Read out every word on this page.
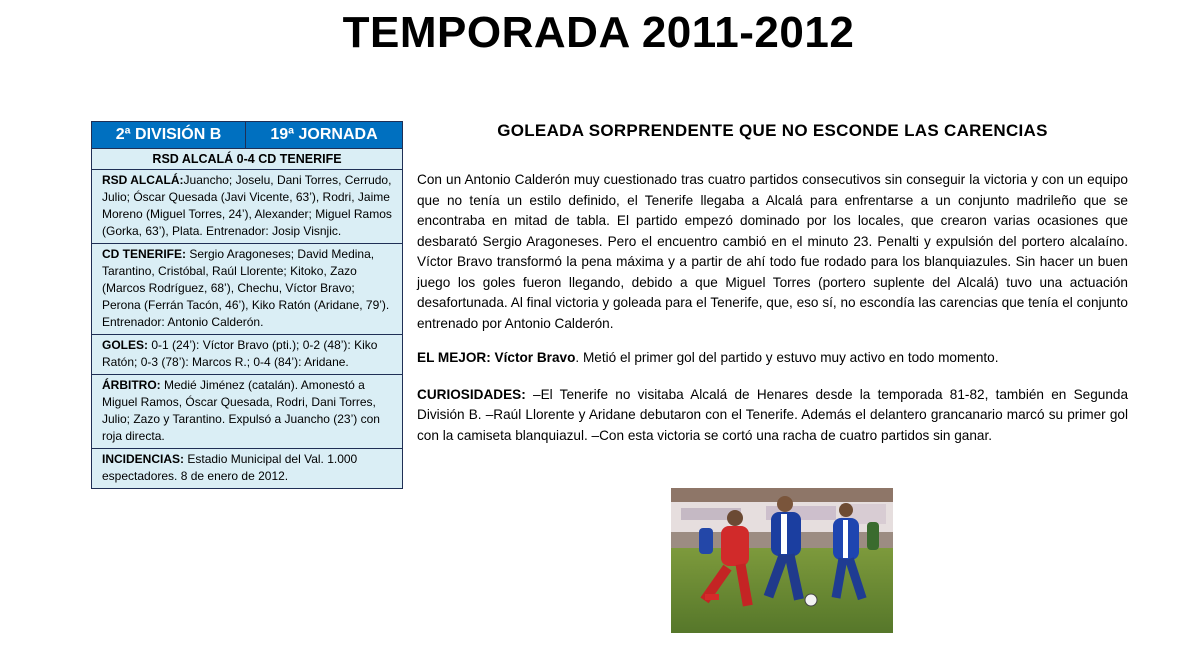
TEMPORADA 2011-2012
2ª DIVISIÓN B	19ª JORNADA
RSD ALCALÁ 0-4 CD TENERIFE
RSD ALCALÁ:Juancho; Joselu, Dani Torres, Cerrudo, Julio; Óscar Quesada (Javi Vicente, 63’), Rodri, Jaime Moreno (Miguel Torres, 24’), Alexander; Miguel Ramos (Gorka, 63’), Plata. Entrenador: Josip Visnjic.
CD TENERIFE: Sergio Aragoneses; David Medina, Tarantino, Cristóbal, Raúl Llorente; Kitoko, Zazo (Marcos Rodríguez, 68’), Chechu, Víctor Bravo; Perona (Ferrán Tacón, 46’), Kiko Ratón (Aridane, 79’). Entrenador: Antonio Calderón.
GOLES: 0-1 (24’): Víctor Bravo (pti.); 0-2 (48’): Kiko Ratón; 0-3 (78’): Marcos R.; 0-4 (84’): Aridane.
ÁRBITRO: Medié Jiménez (catalán). Amonestó a Miguel Ramos, Óscar Quesada, Rodri, Dani Torres, Julio; Zazo y Tarantino. Expulsó a Juancho (23’) con roja directa.
INCIDENCIAS: Estadio Municipal del Val. 1.000 espectadores. 8 de enero de 2012.
GOLEADA SORPRENDENTE QUE NO ESCONDE LAS CARENCIAS

Con un Antonio Calderón muy cuestionado tras cuatro partidos consecutivos sin conseguir la victoria y con un equipo que no tenía un estilo definido, el Tenerife llegaba a Alcalá para enfrentarse a un conjunto madrileño que se encontraba en mitad de tabla. El partido empezó dominado por los locales, que crearon varias ocasiones que desbarató Sergio Aragoneses. Pero el encuentro cambió en el minuto 23. Penalti y expulsión del portero alcalaíno. Víctor Bravo transformó la pena máxima y a partir de ahí todo fue rodado para los blanquiazules. Sin hacer un buen juego los goles fueron llegando, debido a que Miguel Torres (portero suplente del Alcalá) tuvo una actuación desafortunada. Al final victoria y goleada para el Tenerife, que, eso sí, no escondía las carencias que tenía el conjunto entrenado por Antonio Calderón.

EL MEJOR: Víctor Bravo. Metió el primer gol del partido y estuvo muy activo en todo momento.

CURIOSIDADES: –El Tenerife no visitaba Alcalá de Henares desde la temporada 81-82, también en Segunda División B. –Raúl Llorente y Aridane debutaron con el Tenerife. Además el delantero grancanario marcó su primer gol con la camiseta blanquiazul. –Con esta victoria se cortó una racha de cuatro partidos sin ganar.
